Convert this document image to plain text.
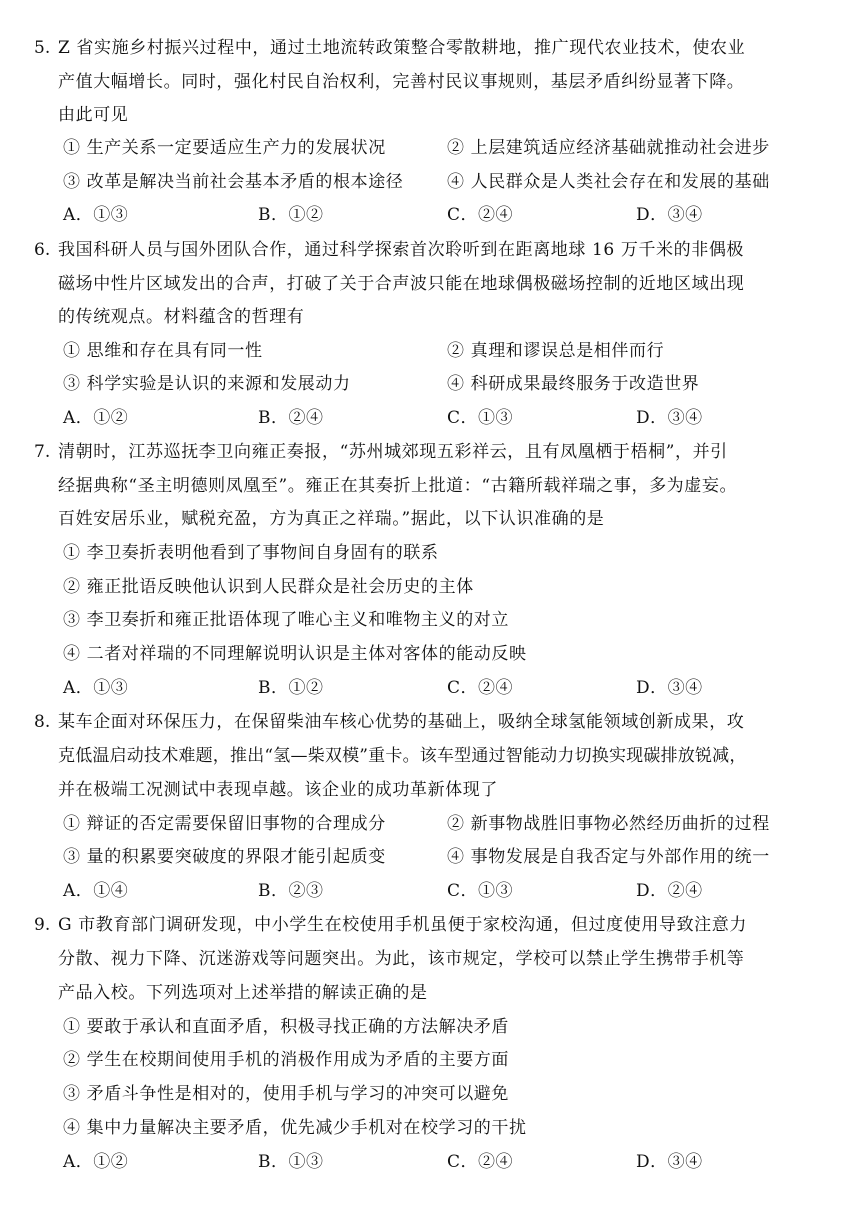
5. Z 省实施乡村振兴过程中，通过土地流转政策整合零散耕地，推广现代农业技术，使农业
产值大幅增长。同时，强化村民自治权利，完善村民议事规则，基层矛盾纠纷显著下降。
由此可见
① 生产关系一定要适应生产力的发展状况	② 上层建筑适应经济基础就推动社会进步
③ 改革是解决当前社会基本矛盾的根本途径	④ 人民群众是人类社会存在和发展的基础
A．①③	B．①②	C．②④	D．③④
6. 我国科研人员与国外团队合作，通过科学探索首次聆听到在距离地球 16 万千米的非偶极
磁场中性片区域发出的合声，打破了关于合声波只能在地球偶极磁场控制的近地区域出现
的传统观点。材料蕴含的哲理有
① 思维和存在具有同一性	② 真理和谬误总是相伴而行
③ 科学实验是认识的来源和发展动力	④ 科研成果最终服务于改造世界
A．①②	B．②④	C．①③	D．③④
7. 清朝时，江苏巡抚李卫向雍正奏报，“苏州城郊现五彩祥云，且有凤凰栖于梧桐”，并引
经据典称“圣主明德则凤凰至”。雍正在其奏折上批道：“古籍所载祥瑞之事，多为虚妄。
百姓安居乐业，赋税充盈，方为真正之祥瑞。”据此，以下认识准确的是
① 李卫奏折表明他看到了事物间自身固有的联系
② 雍正批语反映他认识到人民群众是社会历史的主体
③ 李卫奏折和雍正批语体现了唯心主义和唯物主义的对立
④ 二者对祥瑞的不同理解说明认识是主体对客体的能动反映
A．①③	B．①②	C．②④	D．③④
8. 某车企面对环保压力，在保留柴油车核心优势的基础上，吸纳全球氢能领域创新成果，攻
克低温启动技术难题，推出“氢—柴双模”重卡。该车型通过智能动力切换实现碳排放锐减，
并在极端工况测试中表现卓越。该企业的成功革新体现了
① 辩证的否定需要保留旧事物的合理成分	② 新事物战胜旧事物必然经历曲折的过程
③ 量的积累要突破度的界限才能引起质变	④ 事物发展是自我否定与外部作用的统一
A．①④	B．②③	C．①③	D．②④
9. G 市教育部门调研发现，中小学生在校使用手机虽便于家校沟通，但过度使用导致注意力
分散、视力下降、沉迷游戏等问题突出。为此，该市规定，学校可以禁止学生携带手机等
产品入校。下列选项对上述举措的解读正确的是
① 要敢于承认和直面矛盾，积极寻找正确的方法解决矛盾
② 学生在校期间使用手机的消极作用成为矛盾的主要方面
③ 矛盾斗争性是相对的，使用手机与学习的冲突可以避免
④ 集中力量解决主要矛盾，优先减少手机对在校学习的干扰
A．①②	B．①③	C．②④	D．③④
